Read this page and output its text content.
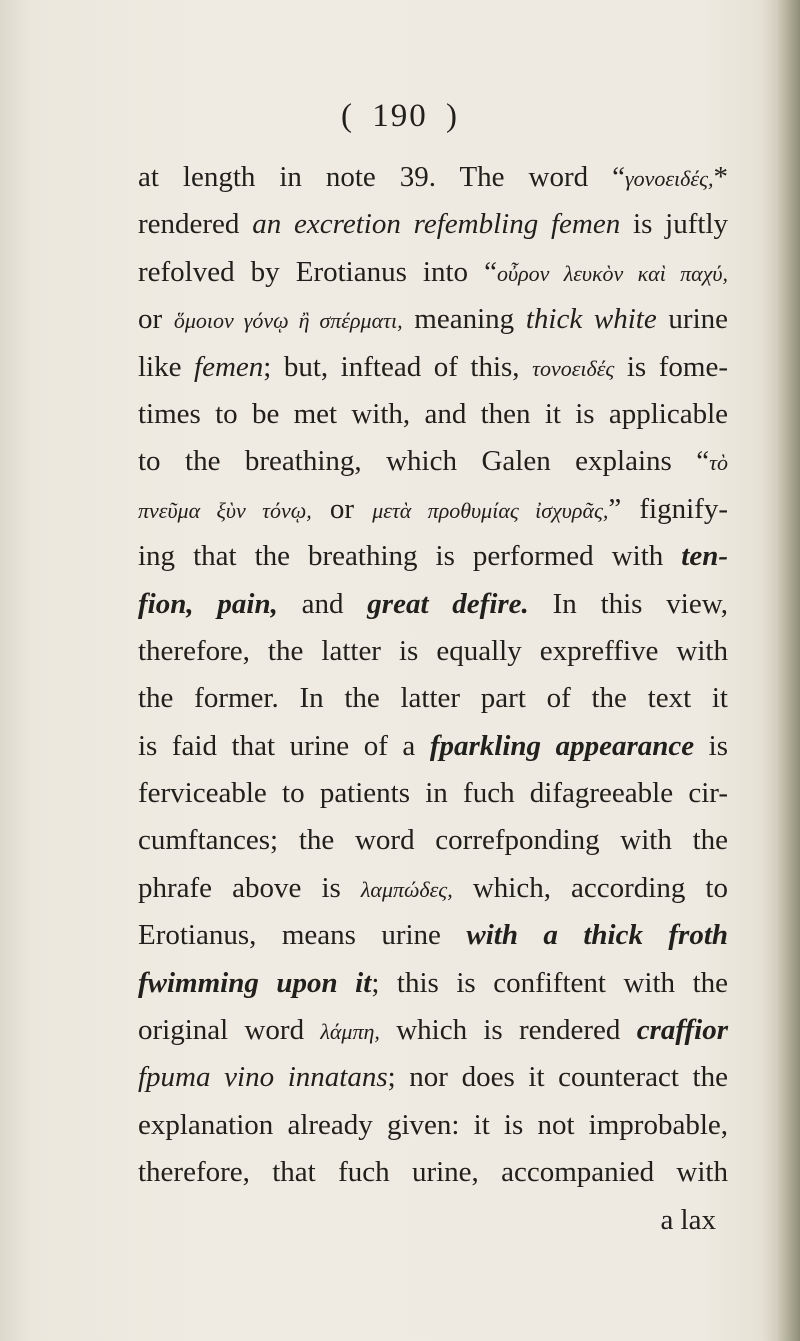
( 190 )
at length in note 39. The word “γονοειδές,*
rendered an excretion refembling femen is juftly
refolved by Erotianus into “οὖρον λευκὸν καὶ παχύ,
or ὅμοιον γόνῳ ἢ σπέρματι, meaning thick white urine
like femen; but, inftead of this, τονοειδές is fome-
times to be met with, and then it is applicable
to the breathing, which Galen explains “τὸ
πνεῦμα ξὺν τόνῳ, or μετὰ προθυμίας ἰσχυρᾶς,” fignify-
ing that the breathing is performed with ten-
fion, pain, and great defire. In this view,
therefore, the latter is equally expreffive with
the former. In the latter part of the text it
is faid that urine of a fparkling appearance is
ferviceable to patients in fuch difagreeable cir-
cumftances; the word correfponding with the
phrafe above is λαμπώδες, which, according to
Erotianus, means urine with a thick froth
fwimming upon it; this is confiftent with the
original word λάμπη, which is rendered craffior
fpuma vino innatans; nor does it counteract the
explanation already given: it is not improbable,
therefore, that fuch urine, accompanied with
a lax
